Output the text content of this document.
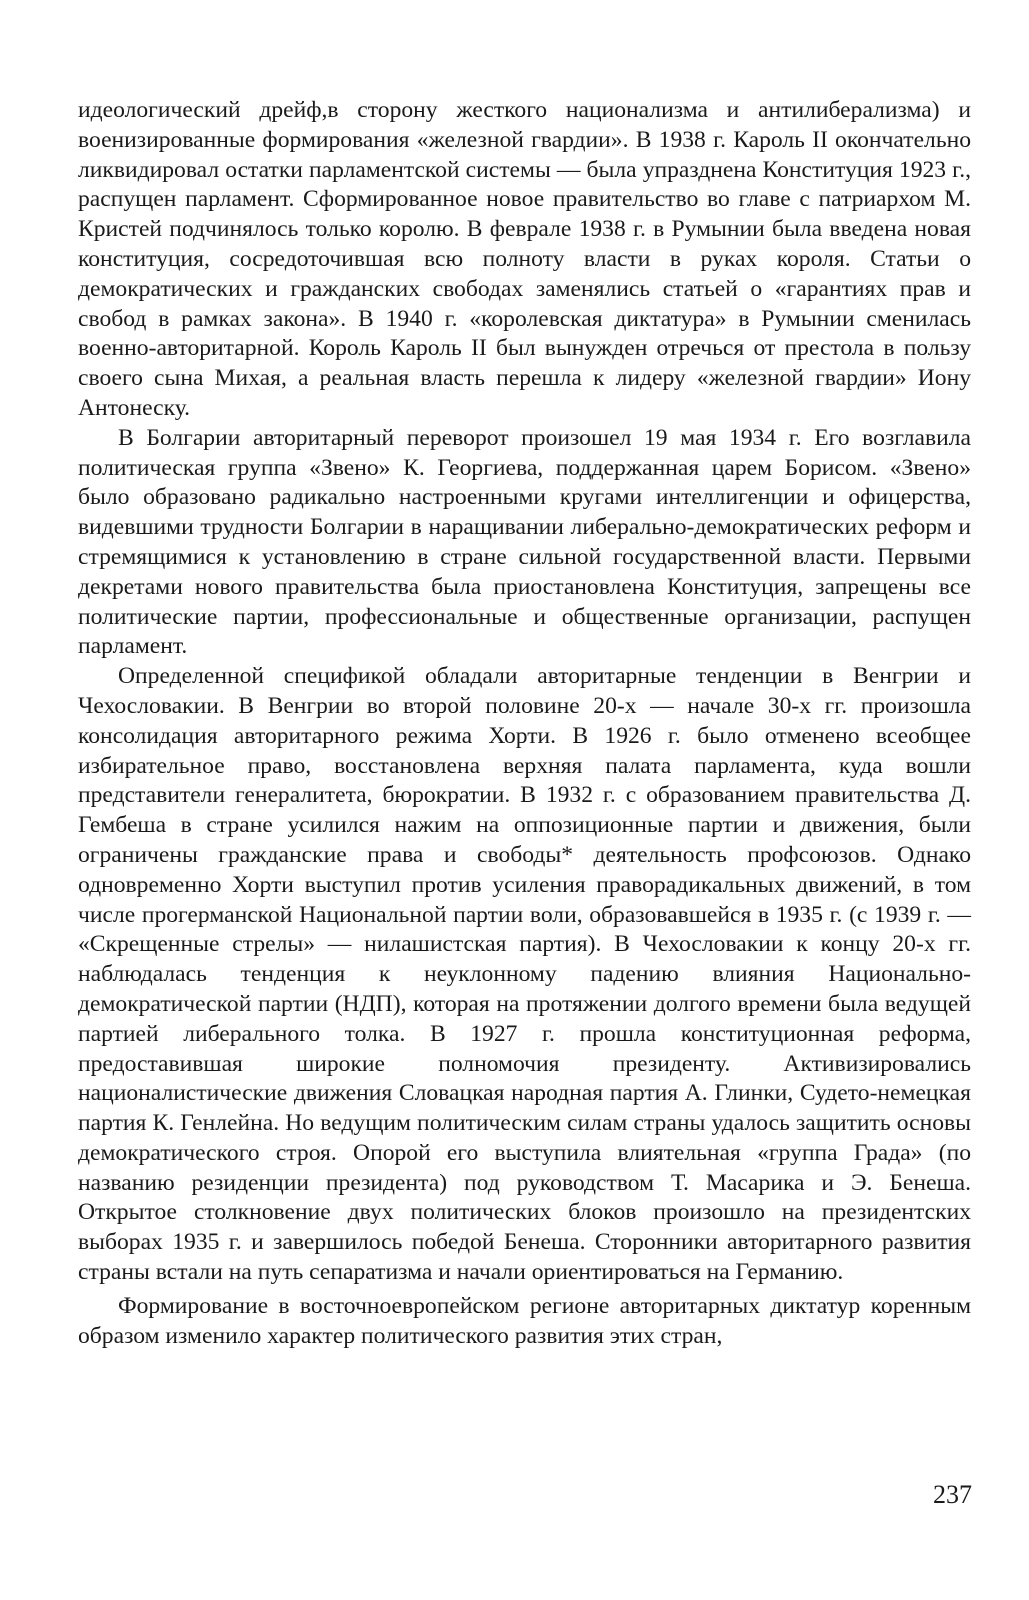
идеологический дрейф,в сторону жесткого национализма и антилиберализма) и военизированные формирования «железной гвардии». В 1938 г. Кароль II окончательно ликвидировал остатки парламентской системы — была упразднена Конституция 1923 г., распущен парламент. Сформированное новое правительство во главе с патриархом М. Кристей подчинялось только королю. В феврале 1938 г. в Румынии была введена новая конституция, сосредоточившая всю полноту власти в руках короля. Статьи о демократических и гражданских свободах заменялись статьей о «гарантиях прав и свобод в рамках закона». В 1940 г. «королевская диктатура» в Румынии сменилась военно-авторитарной. Король Кароль II был вынужден отречься от престола в пользу своего сына Михая, а реальная власть перешла к лидеру «железной гвардии» Иону Антонеску.

В Болгарии авторитарный переворот произошел 19 мая 1934 г. Его возглавила политическая группа «Звено» К. Георгиева, поддержанная царем Борисом. «Звено» было образовано радикально настроенными кругами интеллигенции и офицерства, видевшими трудности Болгарии в наращивании либерально-демократических реформ и стремящимися к установлению в стране сильной государственной власти. Первыми декретами нового правительства была приостановлена Конституция, запрещены все политические партии, профессиональные и общественные организации, распущен парламент.

Определенной спецификой обладали авторитарные тенденции в Венгрии и Чехословакии. В Венгрии во второй половине 20-х — начале 30-х гг. произошла консолидация авторитарного режима Хорти. В 1926 г. было отменено всеобщее избирательное право, восстановлена верхняя палата парламента, куда вошли представители генералитета, бюрократии. В 1932 г. с образованием правительства Д. Гембеша в стране усилился нажим на оппозиционные партии и движения, были ограничены гражданские права и свободы* деятельность профсоюзов. Однако одновременно Хорти выступил против усиления праворадикальных движений, в том числе прогерманской Национальной партии воли, образовавшейся в 1935 г. (с 1939 г. — «Скрещенные стрелы» — нилашистская партия). В Чехословакии к концу 20-х гг. наблюдалась тенденция к неуклонному падению влияния Национально-демократической партии (НДП), которая на протяжении долгого времени была ведущей партией либерального толка. В 1927 г. прошла конституционная реформа, предоставившая широкие полномочия президенту. Активизировались националистические движения Словацкая народная партия А. Глинки, Судето-немецкая партия К. Генлейна. Но ведущим политическим силам страны удалось защитить основы демократического строя. Опорой его выступила влиятельная «группа Града» (по названию резиденции президента) под руководством Т. Масарика и Э. Бенеша. Открытое столкновение двух политических блоков произошло на президентских выборах 1935 г. и завершилось победой Бенеша. Сторонники авторитарного развития страны встали на путь сепаратизма и начали ориентироваться на Германию.

Формирование в восточноевропейском регионе авторитарных диктатур коренным образом изменило характер политического развития этих стран,

237
